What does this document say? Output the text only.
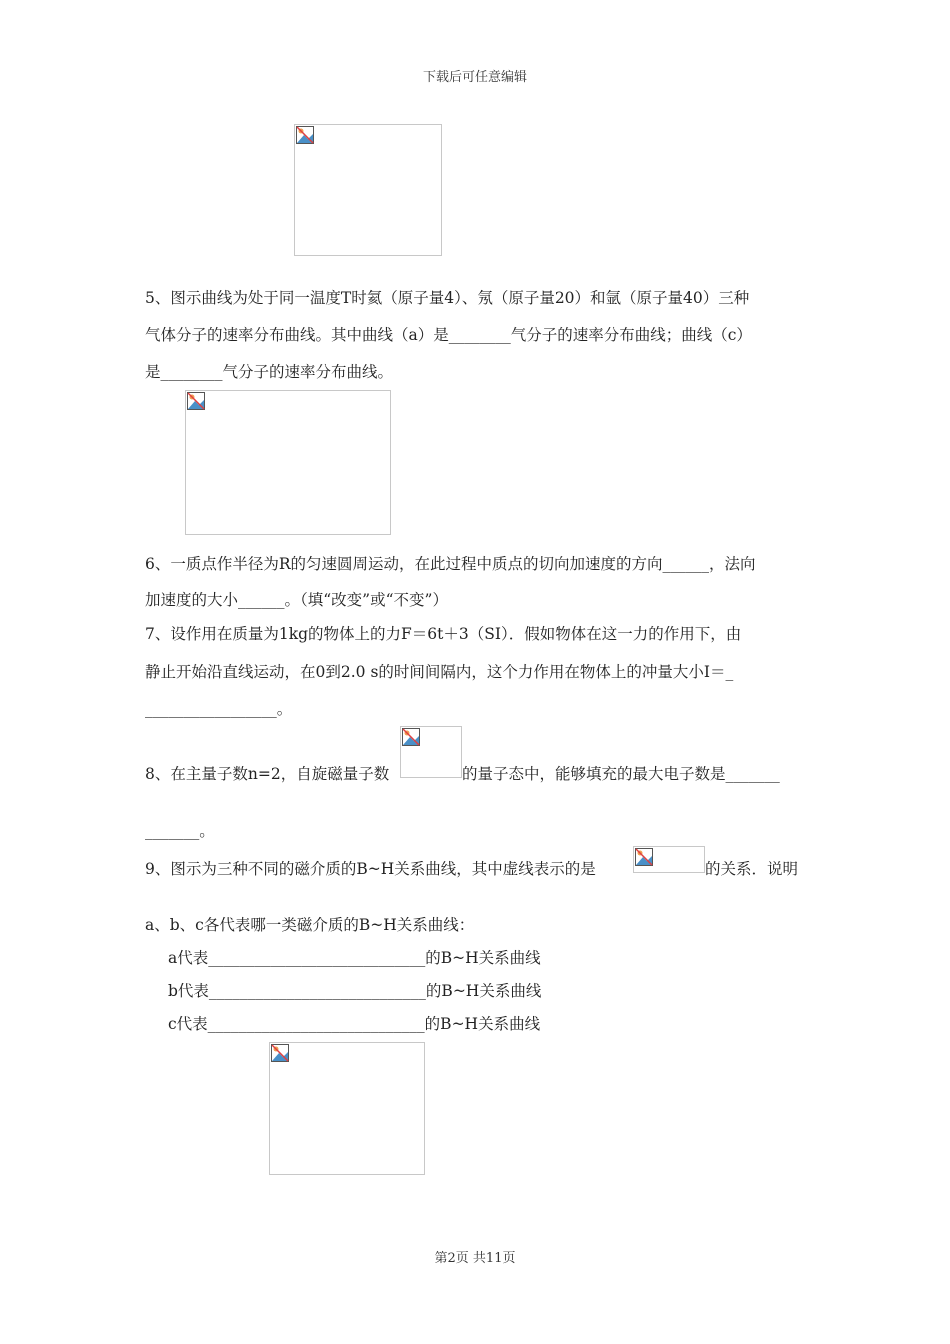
下载后可任意编辑
5、图示曲线为处于同一温度T时氦（原子量4）、氖（原子量20）和氩（原子量40）三种
气体分子的速率分布曲线。其中曲线（a）是________气分子的速率分布曲线；曲线（c）
是________气分子的速率分布曲线。
6、一质点作半径为R的匀速圆周运动，在此过程中质点的切向加速度的方向______，法向
加速度的大小______。（填“改变”或“不变”）
7、设作用在质量为1kg的物体上的力F＝6t＋3（SI）．假如物体在这一力的作用下，由
静止开始沿直线运动，在0到2.0 s的时间间隔内，这个力作用在物体上的冲量大小I＝_
_________________。
8、在主量子数n=2，自旋磁量子数	的量子态中，能够填充的最大电子数是_______
_______。
9、图示为三种不同的磁介质的B~H关系曲线，其中虚线表示的是	的关系．说明
a、b、c各代表哪一类磁介质的B~H关系曲线：
a代表____________________________的B~H关系曲线
b代表____________________________的B~H关系曲线
c代表____________________________的B~H关系曲线
第2页 共11页
